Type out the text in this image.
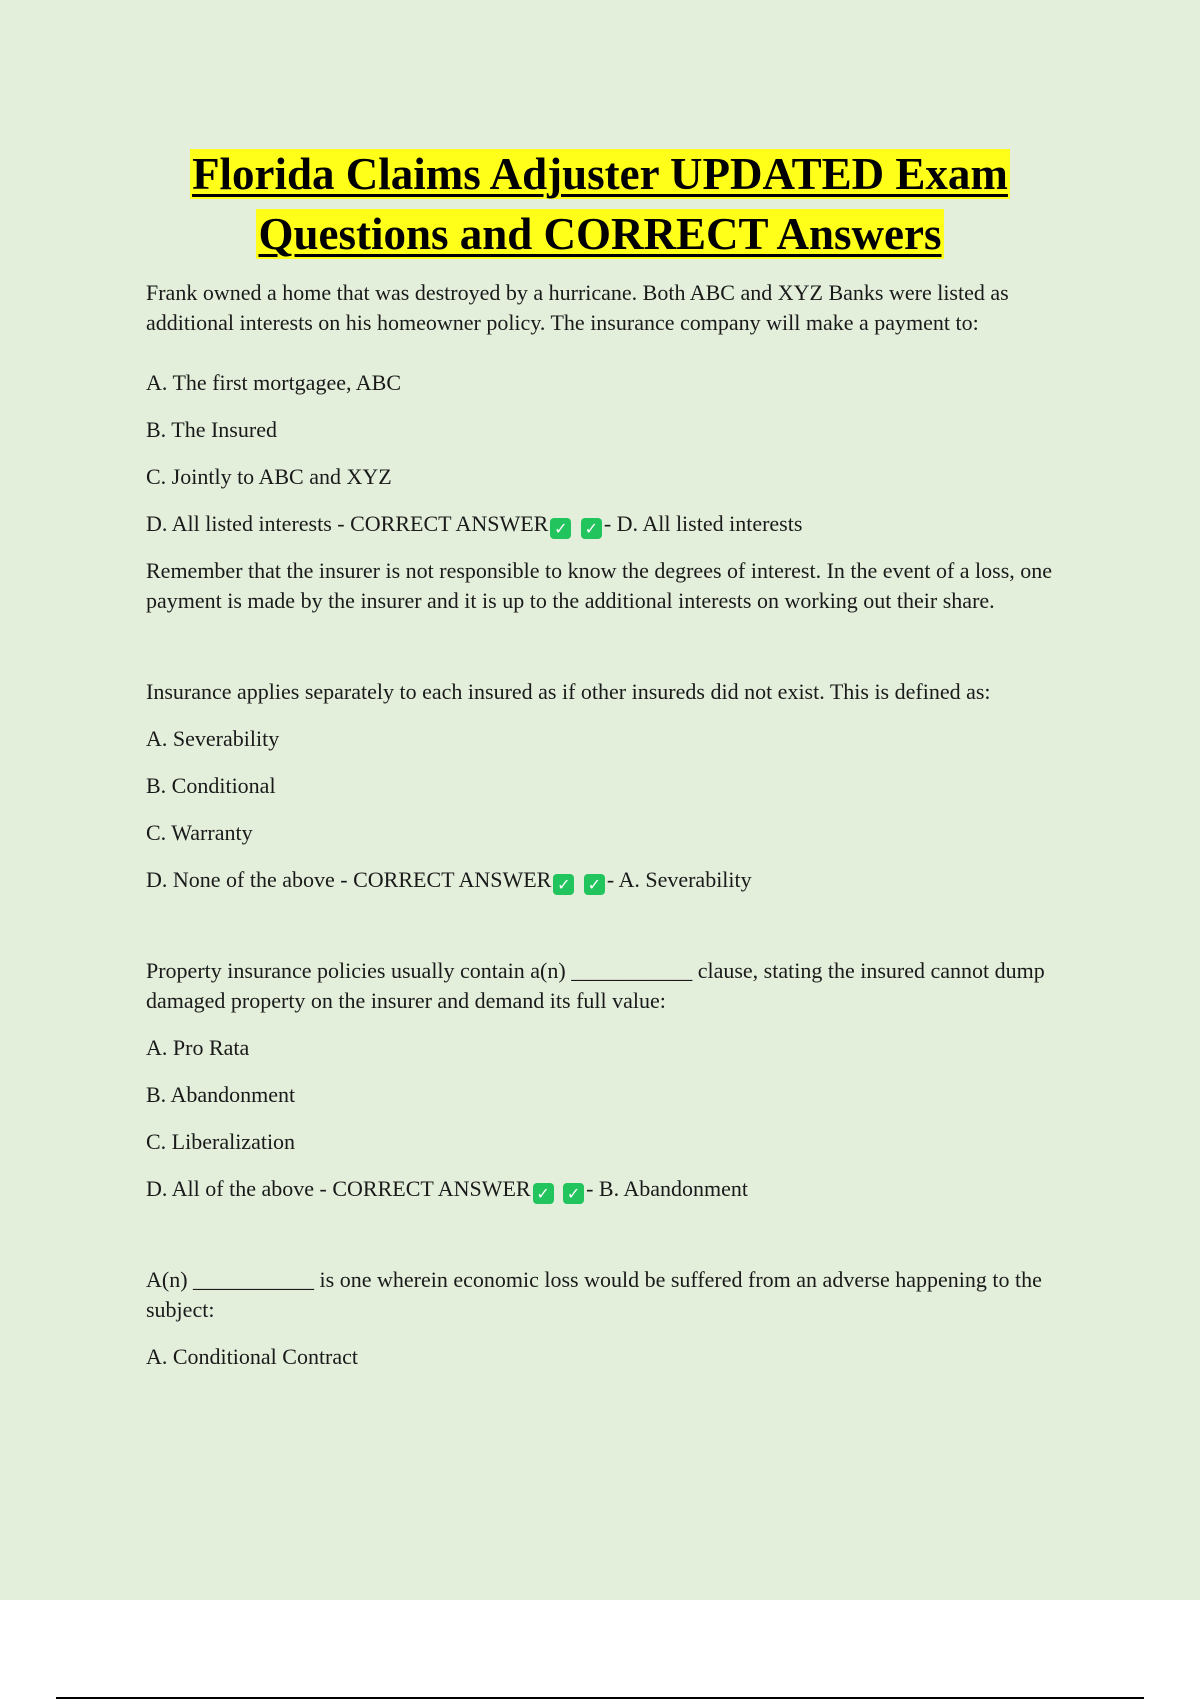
Florida Claims Adjuster UPDATED Exam
Questions and CORRECT Answers

Frank owned a home that was destroyed by a hurricane. Both ABC and XYZ Banks were listed as additional interests on his homeowner policy. The insurance company will make a payment to:

A. The first mortgagee, ABC

B. The Insured

C. Jointly to ABC and XYZ

D. All listed interests - CORRECT ANSWER ✓ ✓ - D. All listed interests

Remember that the insurer is not responsible to know the degrees of interest. In the event of a loss, one payment is made by the insurer and it is up to the additional interests on working out their share.

Insurance applies separately to each insured as if other insureds did not exist. This is defined as:

A. Severability

B. Conditional

C. Warranty

D. None of the above - CORRECT ANSWER ✓ ✓ - A. Severability

Property insurance policies usually contain a(n) ___________ clause, stating the insured cannot dump damaged property on the insurer and demand its full value:

A. Pro Rata

B. Abandonment

C. Liberalization

D. All of the above - CORRECT ANSWER ✓ ✓ - B. Abandonment

A(n) ___________ is one wherein economic loss would be suffered from an adverse happening to the subject:

A. Conditional Contract
